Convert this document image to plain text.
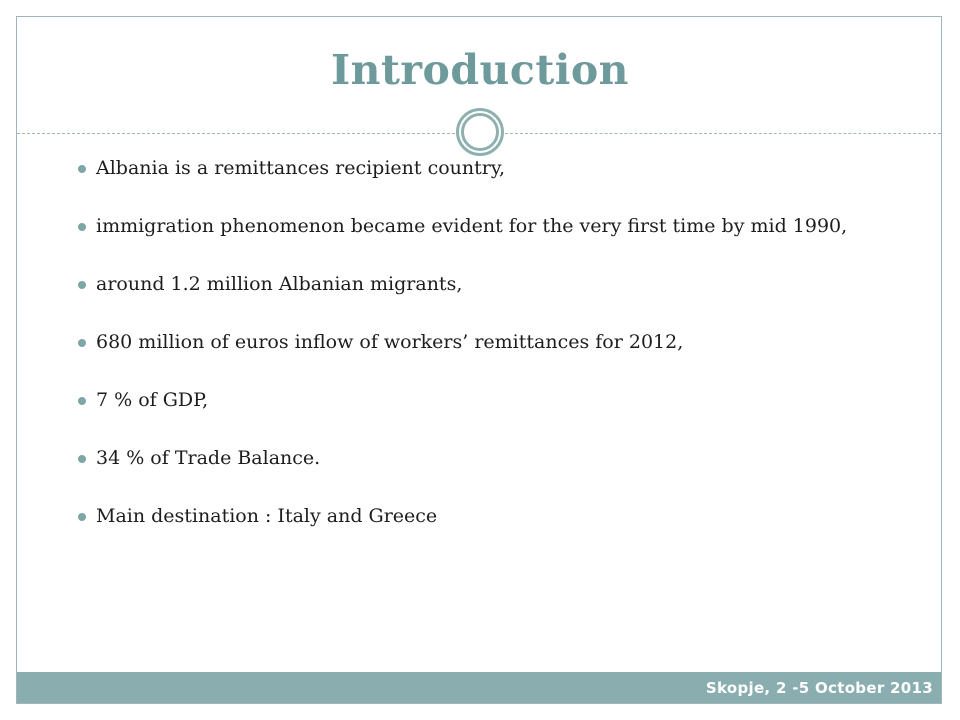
Introduction
Albania is a remittances recipient country,
immigration phenomenon became evident for the very first time by mid 1990,
around 1.2 million Albanian migrants,
680 million of euros inflow of workers’ remittances for 2012,
7 % of GDP,
34 % of Trade Balance.
Main destination : Italy and Greece
Skopje, 2 -5 October 2013
